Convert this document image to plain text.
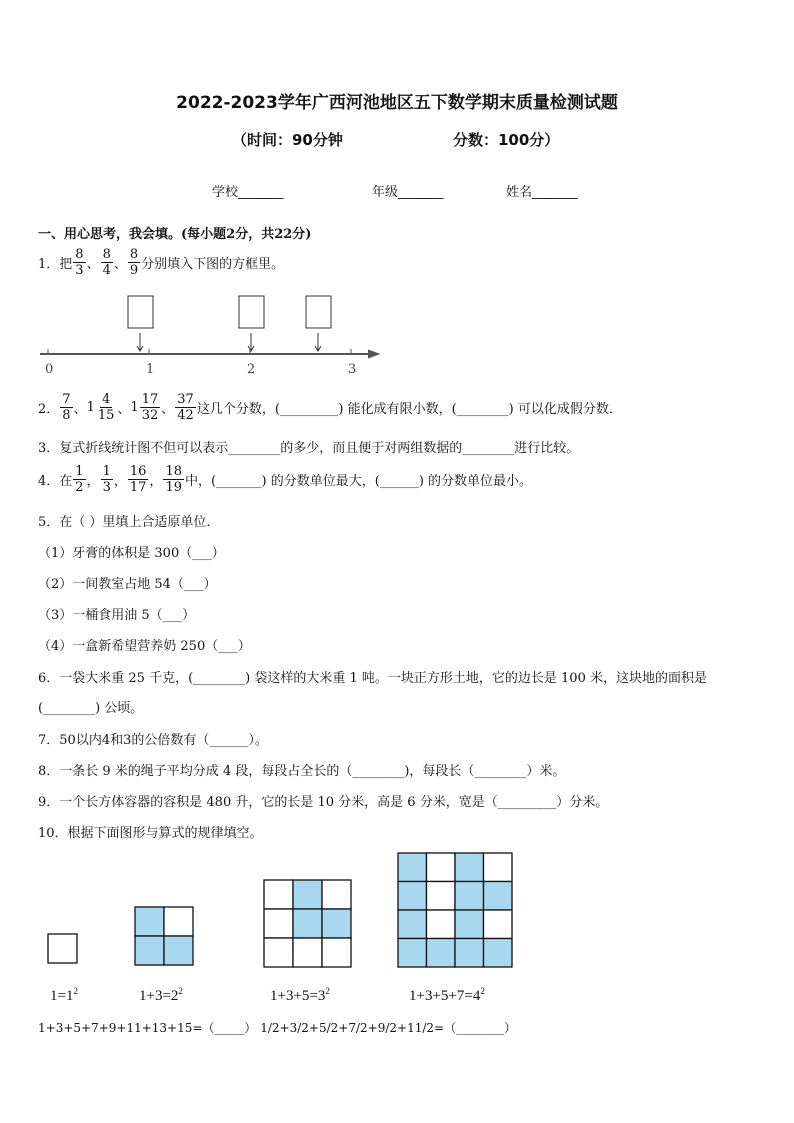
2022-2023学年广西河池地区五下数学期末质量检测试题
（时间：90分钟	分数：100分）
学校_______	年级_______	姓名_______
一、用心思考，我会填。(每小题2分，共22分)
1．把 $\frac{8}{3}$ 、 $\frac{8}{4}$ 、 $\frac{8}{9}$ 分别填入下图的方框里。
0	1	2	3
2． $\frac{7}{8}$ 、 $1 \frac{4}{15}$ 、 $1 \frac{17}{32}$ 、 $\frac{37}{42}$ 这几个分数，(_________) 能化成有限小数，(________) 可以化成假分数．
3．复式折线统计图不但可以表示________的多少，而且便于对两组数据的________进行比较。
4．在 $\frac{1}{2}$ ， $\frac{1}{3}$ ， $\frac{16}{17}$ ， $\frac{18}{19}$ 中，(_______) 的分数单位最大，(______) 的分数单位最小。
5．在（ ）里填上合适原单位．
（1）牙膏的体积是 300（___）
（2）一间教室占地 54（___）
（3）一桶食用油 5（___）
（4）一盒新希望营养奶 250（___）
6．一袋大米重 25 千克，(________) 袋这样的大米重 1 吨。一块正方形土地，它的边长是 100 米，这块地的面积是
(________) 公顷。
7．50以内4和3的公倍数有（______）。
8．一条长 9 米的绳子平均分成 4 段，每段占全长的（________)，每段长（________）米。
9．一个长方体容器的容积是 480 升，它的长是 10 分米，高是 6 分米，宽是（_________）分米。
10．根据下面图形与算式的规律填空。
$1=1^2$	$1+3=2^2$	$1+3+5=3^2$	$1+3+5+7=4^2$
1+3+5+7+9+11+13+15=（_____） 1/2+3/2+5/2+7/2+9/2+11/2=（________）
